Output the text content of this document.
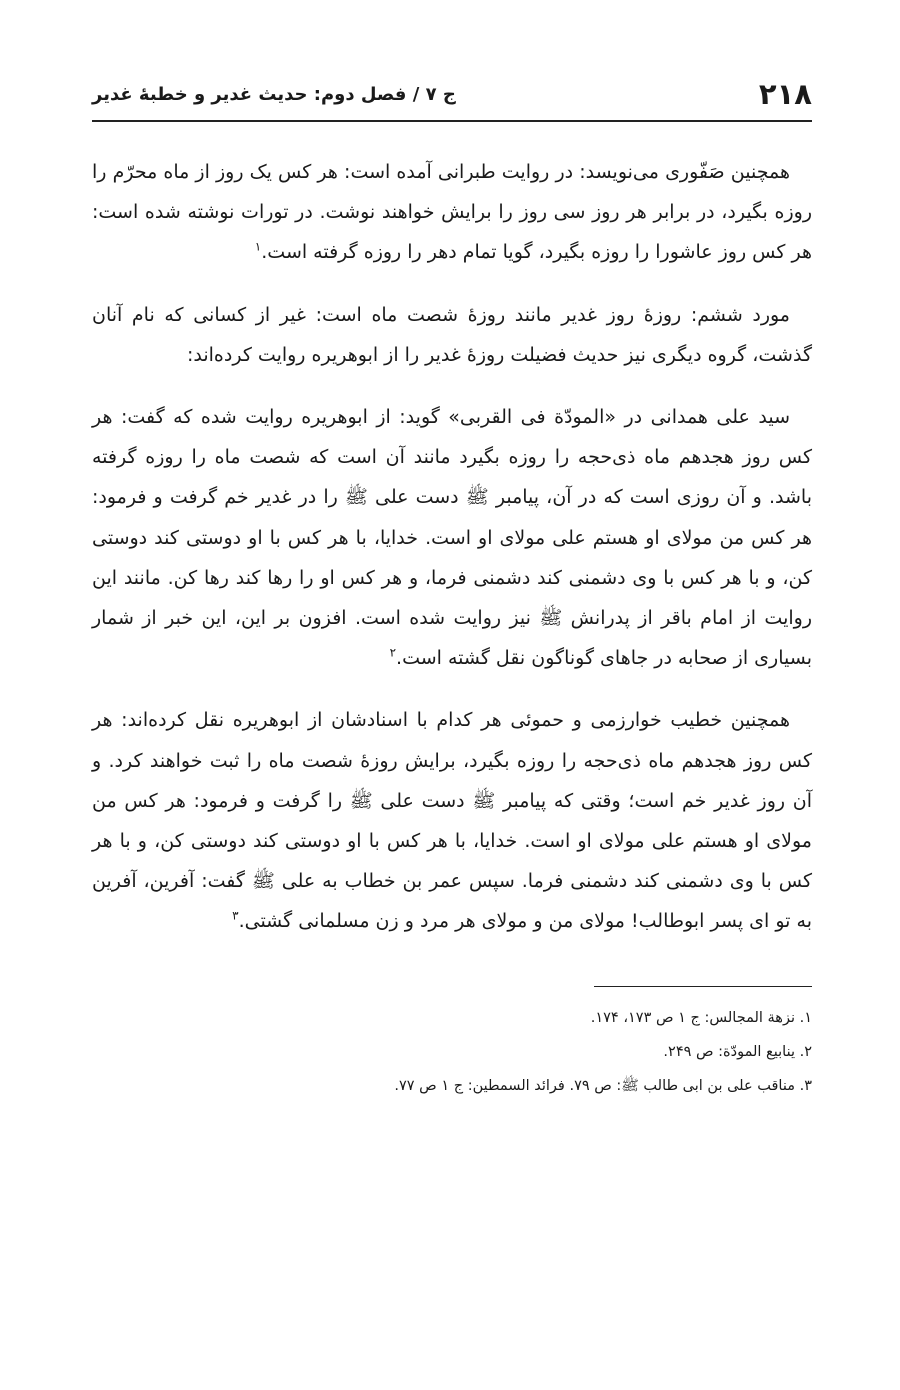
۲۱۸
ج ۷ / فصل دوم: حدیث غدیر و خطبهٔ غدیر

همچنین صَفّوری می‌نویسد: در روایت طبرانی آمده است: هر کس یک روز از ماه محرّم را روزه بگیرد، در برابر هر روز سی روز را برایش خواهند نوشت. در تورات نوشته شده است: هر کس روز عاشورا را روزه بگیرد، گویا تمام دهر را روزه گرفته است.$^۱$

مورد ششم: روزهٔ روز غدیر مانند روزهٔ شصت ماه است: غیر از کسانی که نام آنان گذشت، گروه دیگری نیز حدیث فضیلت روزهٔ غدیر را از ابوهریره روایت کرده‌اند:

سید علی همدانی در «المودّة فی القربی» گوید: از ابوهریره روایت شده که گفت: هر کس روز هجدهم ماه ذی‌حجه را روزه بگیرد مانند آن است که شصت ماه را روزه گرفته باشد. و آن روزی است که در آن، پیامبر ﷺ دست علی ﷺ را در غدیر خم گرفت و فرمود: هر کس من مولای او هستم علی مولای او است. خدایا، با هر کس با او دوستی کند دوستی کن، و با هر کس با وی دشمنی کند دشمنی فرما، و هر کس او را رها کند رها کن. مانند این روایت از امام باقر از پدرانش ﷺ نیز روایت شده است. افزون بر این، این خبر از شمار بسیاری از صحابه در جاهای گوناگون نقل گشته است.$^۲$

همچنین خطیب خوارزمی و حموئی هر کدام با اسنادشان از ابوهریره نقل کرده‌اند: هر کس روز هجدهم ماه ذی‌حجه را روزه بگیرد، برایش روزهٔ شصت ماه را ثبت خواهند کرد. و آن روز غدیر خم است؛ وقتی که پیامبر ﷺ دست علی ﷺ را گرفت و فرمود: هر کس من مولای او هستم علی مولای او است. خدایا، با هر کس با او دوستی کند دوستی کن، و با هر کس با وی دشمنی کند دشمنی فرما. سپس عمر بن خطاب به علی ﷺ گفت: آفرین، آفرین به تو ای پسر ابوطالب! مولای من و مولای هر مرد و زن مسلمانی گشتی.$^۳$

۱. نزهة المجالس: ج ۱ ص ۱۷۳، ۱۷۴.

۲. ینابیع المودّة: ص ۲۴۹.

۳. مناقب علی بن ابی طالب ﷺ: ص ۷۹. فرائد السمطین: ج ۱ ص ۷۷.
